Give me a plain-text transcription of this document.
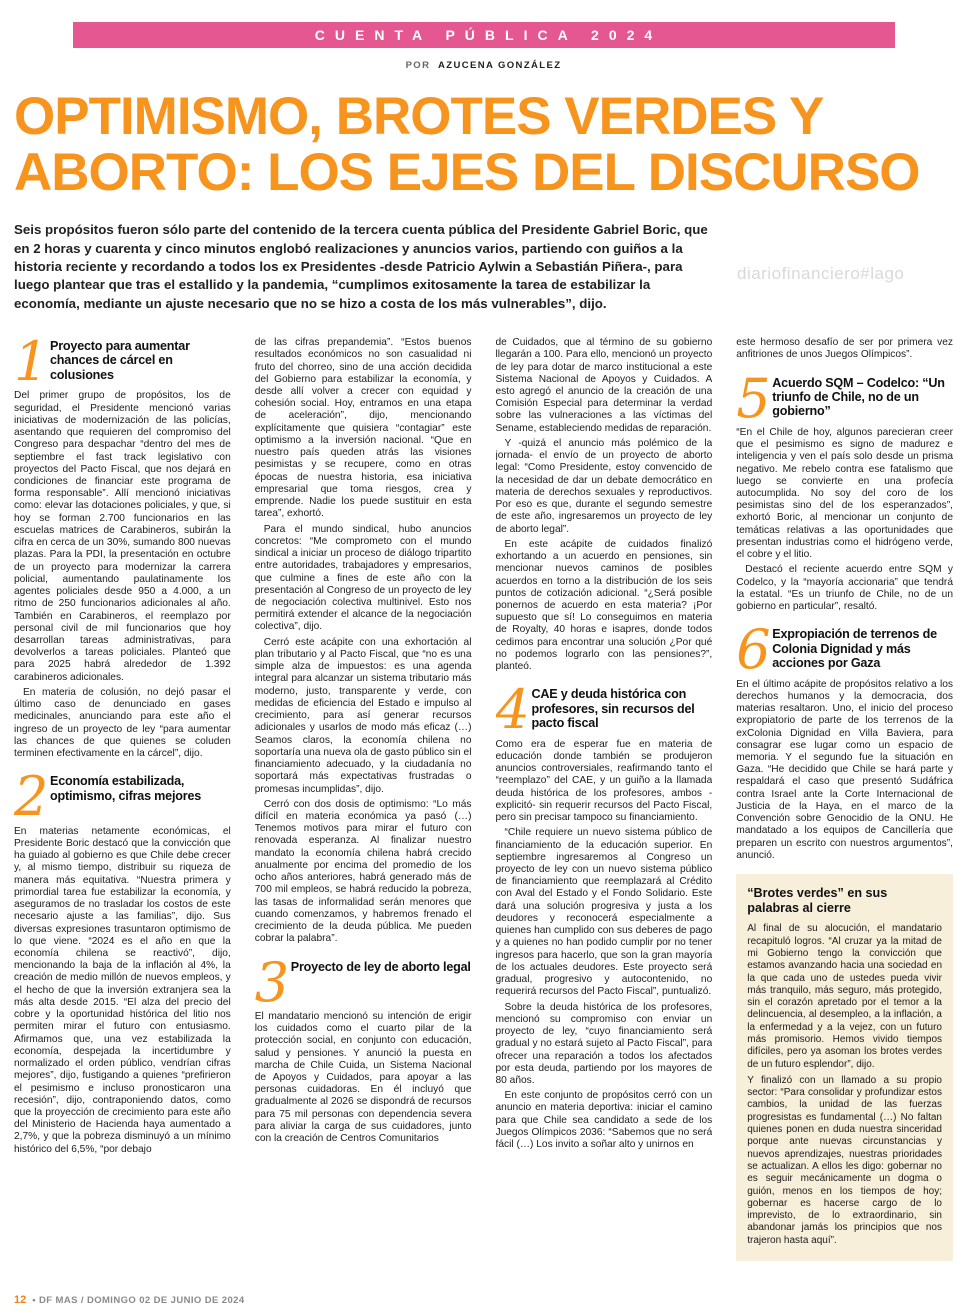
CUENTA PÚBLICA 2024
POR AZUCENA GONZÁLEZ
OPTIMISMO, BROTES VERDES Y
ABORTO: LOS EJES DEL DISCURSO

Seis propósitos fueron sólo parte del contenido de la tercera cuenta pública del Presidente Gabriel Boric, que en 2 horas y cuarenta y cinco minutos englobó realizaciones y anuncios varios, partiendo con guiños a la historia reciente y recordando a todos los ex Presidentes -desde Patricio Aylwin a Sebastián Piñera-, para luego plantear que tras el estallido y la pandemia, “cumplimos exitosamente la tarea de estabilizar la economía, mediante un ajuste necesario que no se hizo a costa de los más vulnerables”, dijo.

diariofinanciero#lago
1 Proyecto para aumentar chances de cárcel en colusiones

Del primer grupo de propósitos, los de seguridad, el Presidente mencionó varias iniciativas de modernización de las policías, asentando que requieren del compromiso del Congreso para despachar “dentro del mes de septiembre el fast track legislativo con proyectos del Pacto Fiscal, que nos dejará en condiciones de financiar este programa de forma responsable”. Allí mencionó iniciativas como: elevar las dotaciones policiales, y que, si hoy se forman 2.700 funcionarios en las escuelas matrices de Carabineros, subirán la cifra en cerca de un 30%, sumando 800 nuevas plazas. Para la PDI, la presentación en octubre de un proyecto para modernizar la carrera policial, aumentando paulatinamente los agentes policiales desde 950 a 4.000, a un ritmo de 250 funcionarios adicionales al año. También en Carabineros, el reemplazo por personal civil de mil funcionarios que hoy desarrollan tareas administrativas, para devolverlos a tareas policiales. Planteó que para 2025 habrá alrededor de 1.392 carabineros adicionales.

En materia de colusión, no dejó pasar el último caso de denunciado en gases medicinales, anunciando para este año el ingreso de un proyecto de ley “para aumentar las chances de que quienes se coluden terminen efectivamente en la cárcel”, dijo.

2 Economía estabilizada, optimismo, cifras mejores

En materias netamente económicas, el Presidente Boric destacó que la convicción que ha guiado al gobierno es que Chile debe crecer y, al mismo tiempo, distribuir su riqueza de manera más equitativa. “Nuestra primera y primordial tarea fue estabilizar la economía, y aseguramos de no trasladar los costos de este necesario ajuste a las familias”, dijo. Sus diversas expresiones trasuntaron optimismo de lo que viene. “2024 es el año en que la economía chilena se reactivó”, dijo, mencionando la baja de la inflación al 4%, la creación de medio millón de nuevos empleos, y el hecho de que la inversión extranjera sea la más alta desde 2015. “El alza del precio del cobre y la oportunidad histórica del litio nos permiten mirar el futuro con entusiasmo. Afirmamos que, una vez estabilizada la economía, despejada la incertidumbre y normalizado el orden público, vendrían cifras mejores”, dijo, fustigando a quienes “prefirieron el pesimismo e incluso pronosticaron una recesión”, dijo, contraponiendo datos, como que la proyección de crecimiento para este año del Ministerio de Hacienda haya aumentado a 2,7%, y que la pobreza disminuyó a un mínimo histórico del 6,5%, “por debajo

de las cifras prepandemia”. “Estos buenos resultados económicos no son casualidad ni fruto del chorreo, sino de una acción decidida del Gobierno para estabilizar la economía, y desde allí volver a crecer con equidad y cohesión social. Hoy, entramos en una etapa de aceleración”, dijo, mencionando explícitamente que quisiera “contagiar” este optimismo a la inversión nacional. “Que en nuestro país queden atrás las visiones pesimistas y se recupere, como en otras épocas de nuestra historia, esa iniciativa empresarial que toma riesgos, crea y emprende. Nadie los puede sustituir en esta tarea”, exhortó.

Para el mundo sindical, hubo anuncios concretos: “Me comprometo con el mundo sindical a iniciar un proceso de diálogo tripartito entre autoridades, trabajadores y empresarios, que culmine a fines de este año con la presentación al Congreso de un proyecto de ley de negociación colectiva multinivel. Esto nos permitirá extender el alcance de la negociación colectiva”, dijo.

Cerró este acápite con una exhortación al plan tributario y al Pacto Fiscal, que “no es una simple alza de impuestos: es una agenda integral para alcanzar un sistema tributario más moderno, justo, transparente y verde, con medidas de eficiencia del Estado e impulso al crecimiento, para así generar recursos adicionales y usarlos de modo más eficaz (…) Seamos claros, la economía chilena no soportaría una nueva ola de gasto público sin el financiamiento adecuado, y la ciudadanía no soportará más expectativas frustradas o promesas incumplidas”, dijo.

Cerró con dos dosis de optimismo: “Lo más difícil en materia económica ya pasó (…) Tenemos motivos para mirar el futuro con renovada esperanza. Al finalizar nuestro mandato la economía chilena habrá crecido anualmente por encima del promedio de los ocho años anteriores, habrá generado más de 700 mil empleos, se habrá reducido la pobreza, las tasas de informalidad serán menores que cuando comenzamos, y habremos frenado el crecimiento de la deuda pública. Me pueden cobrar la palabra”.

3 Proyecto de ley de aborto legal

El mandatario mencionó su intención de erigir los cuidados como el cuarto pilar de la protección social, en conjunto con educación, salud y pensiones. Y anunció la puesta en marcha de Chile Cuida, un Sistema Nacional de Apoyos y Cuidados, para apoyar a las personas cuidadoras. En él incluyó que gradualmente al 2026 se dispondrá de recursos para 75 mil personas con dependencia severa para aliviar la carga de sus cuidadores, junto con la creación de Centros Comunitarios

de Cuidados, que al término de su gobierno llegarán a 100. Para ello, mencionó un proyecto de ley para dotar de marco institucional a este Sistema Nacional de Apoyos y Cuidados. A esto agregó el anuncio de la creación de una Comisión Especial para determinar la verdad sobre las vulneraciones a las víctimas del Sename, estableciendo medidas de reparación.

Y -quizá el anuncio más polémico de la jornada- el envío de un proyecto de aborto legal: “Como Presidente, estoy convencido de la necesidad de dar un debate democrático en materia de derechos sexuales y reproductivos. Por eso es que, durante el segundo semestre de este año, ingresaremos un proyecto de ley de aborto legal”.

En este acápite de cuidados finalizó exhortando a un acuerdo en pensiones, sin mencionar nuevos caminos de posibles acuerdos en torno a la distribución de los seis puntos de cotización adicional. “¿Será posible ponernos de acuerdo en esta materia? ¡Por supuesto que sí! Lo conseguimos en materia de Royalty, 40 horas e isapres, donde todos cedimos para encontrar una solución ¿Por qué no podemos lograrlo con las pensiones?”, planteó.

4 CAE y deuda histórica con profesores, sin recursos del pacto fiscal

Como era de esperar fue en materia de educación donde también se produjeron anuncios controversiales, reafirmando tanto el “reemplazo” del CAE, y un guiño a la llamada deuda histórica de los profesores, ambos -explicitó- sin requerir recursos del Pacto Fiscal, pero sin precisar tampoco su financiamiento.

“Chile requiere un nuevo sistema público de financiamiento de la educación superior. En septiembre ingresaremos al Congreso un proyecto de ley con un nuevo sistema público de financiamiento que reemplazará al Crédito con Aval del Estado y el Fondo Solidario. Este dará una solución progresiva y justa a los deudores y reconocerá especialmente a quienes han cumplido con sus deberes de pago y a quienes no han podido cumplir por no tener ingresos para hacerlo, que son la gran mayoría de los actuales deudores. Este proyecto será gradual, progresivo y autocontenido, no requerirá recursos del Pacto Fiscal”, puntualizó.

Sobre la deuda histórica de los profesores, mencionó su compromiso con enviar un proyecto de ley, “cuyo financiamiento será gradual y no estará sujeto al Pacto Fiscal”, para ofrecer una reparación a todos los afectados por esta deuda, partiendo por los mayores de 80 años.

En este conjunto de propósitos cerró con un anuncio en materia deportiva: iniciar el camino para que Chile sea candidato a sede de los Juegos Olímpicos 2036: “Sabemos que no será fácil (…) Los invito a soñar alto y unirnos en

este hermoso desafío de ser por primera vez anfitriones de unos Juegos Olímpicos”.

5 Acuerdo SQM – Codelco: “Un triunfo de Chile, no de un gobierno”

“En el Chile de hoy, algunos parecieran creer que el pesimismo es signo de madurez e inteligencia y ven el país solo desde un prisma negativo. Me rebelo contra ese fatalismo que luego se convierte en una profecía autocumplida. No soy del coro de los pesimistas sino del de los esperanzados”, exhortó Boric, al mencionar un conjunto de temáticas relativas a las oportunidades que presentan industrias como el hidrógeno verde, el cobre y el litio.

Destacó el reciente acuerdo entre SQM y Codelco, y la “mayoría accionaria” que tendrá la estatal. “Es un triunfo de Chile, no de un gobierno en particular”, resaltó.

6 Expropiación de terrenos de Colonia Dignidad y más acciones por Gaza

En el último acápite de propósitos relativo a los derechos humanos y la democracia, dos materias resaltaron. Uno, el inicio del proceso expropiatorio de parte de los terrenos de la exColonia Dignidad en Villa Baviera, para consagrar ese lugar como un espacio de memoria. Y el segundo fue la situación en Gaza. “He decidido que Chile se hará parte y respaldará el caso que presentó Sudáfrica contra Israel ante la Corte Internacional de Justicia de la Haya, en el marco de la Convención sobre Genocidio de la ONU. He mandatado a los equipos de Cancillería que preparen un escrito con nuestros argumentos”, anunció.

“Brotes verdes” en sus palabras al cierre

Al final de su alocución, el mandatario recapituló logros. “Al cruzar ya la mitad de mi Gobierno tengo la convicción que estamos avanzando hacia una sociedad en la que cada uno de ustedes pueda vivir más tranquilo, más seguro, más protegido, sin el corazón apretado por el temor a la delincuencia, al desempleo, a la inflación, a la enfermedad y a la vejez, con un futuro más promisorio. Hemos vivido tiempos difíciles, pero ya asoman los brotes verdes de un futuro esplendor”, dijo.

Y finalizó con un llamado a su propio sector: “Para consolidar y profundizar estos cambios, la unidad de las fuerzas progresistas es fundamental (…) No faltan quienes ponen en duda nuestra sinceridad porque ante nuevas circunstancias y nuevos aprendizajes, nuestras prioridades se actualizan. A ellos les digo: gobernar no es seguir mecánicamente un dogma o guión, menos en los tiempos de hoy; gobernar es hacerse cargo de lo imprevisto, de lo extraordinario, sin abandonar jamás los principios que nos trajeron hasta aquí”.

12 • DF MAS / DOMINGO 02 DE JUNIO DE 2024
